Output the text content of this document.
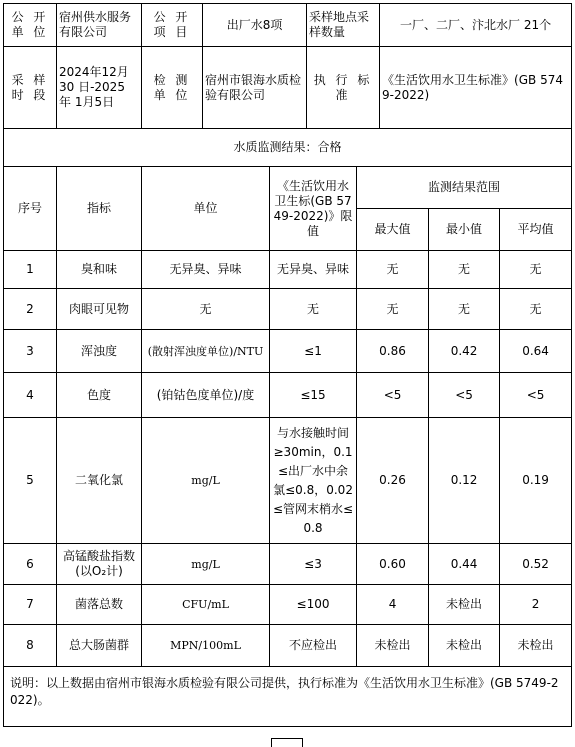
公 开 单 位	宿州供水服务有限公司	公 开 项 目	出厂水8项		采样地点采样数量		一厂、二厂、汴北水厂 21个		
采 样 时 段	2024年12月 30 日-2025 年 1月5日	检 测 单 位	宿州市银海水质检验有限公司		执 行 标 准		《生活饮用水卫生标准》(GB 5749-2022)		
水质监测结果：合格									
序号	指标	单位		《生活饮用水卫生标(GB 5749-2022)》限值		监测结果范围			
						最大值		最小值	平均值
1	臭和味	无异臭、异味		无异臭、异味		无		无	无
2	肉眼可见物	无		无		无		无	无
3	浑浊度	(散射浑浊度单位)/NTU		≤1		0.86		0.42	0.64
4	色度	(铂钴色度单位)/度		≤15		<5		<5	<5
5	二氧化氯	mg/L		与水接触时间≥30min，0.1≤出厂水中余氯≤0.8，0.02≤管网末梢水≤0.8		0.26		0.12	0.19
6	高锰酸盐指数(以O₂计)	mg/L		≤3		0.60		0.44	0.52
7	菌落总数	CFU/mL		≤100		4		未检出	2
8	总大肠菌群	MPN/100mL		不应检出		未检出		未检出	未检出
说明：以上数据由宿州市银海水质检验有限公司提供，执行标准为《生活饮用水卫生标准》(GB 5749-2022)。									
